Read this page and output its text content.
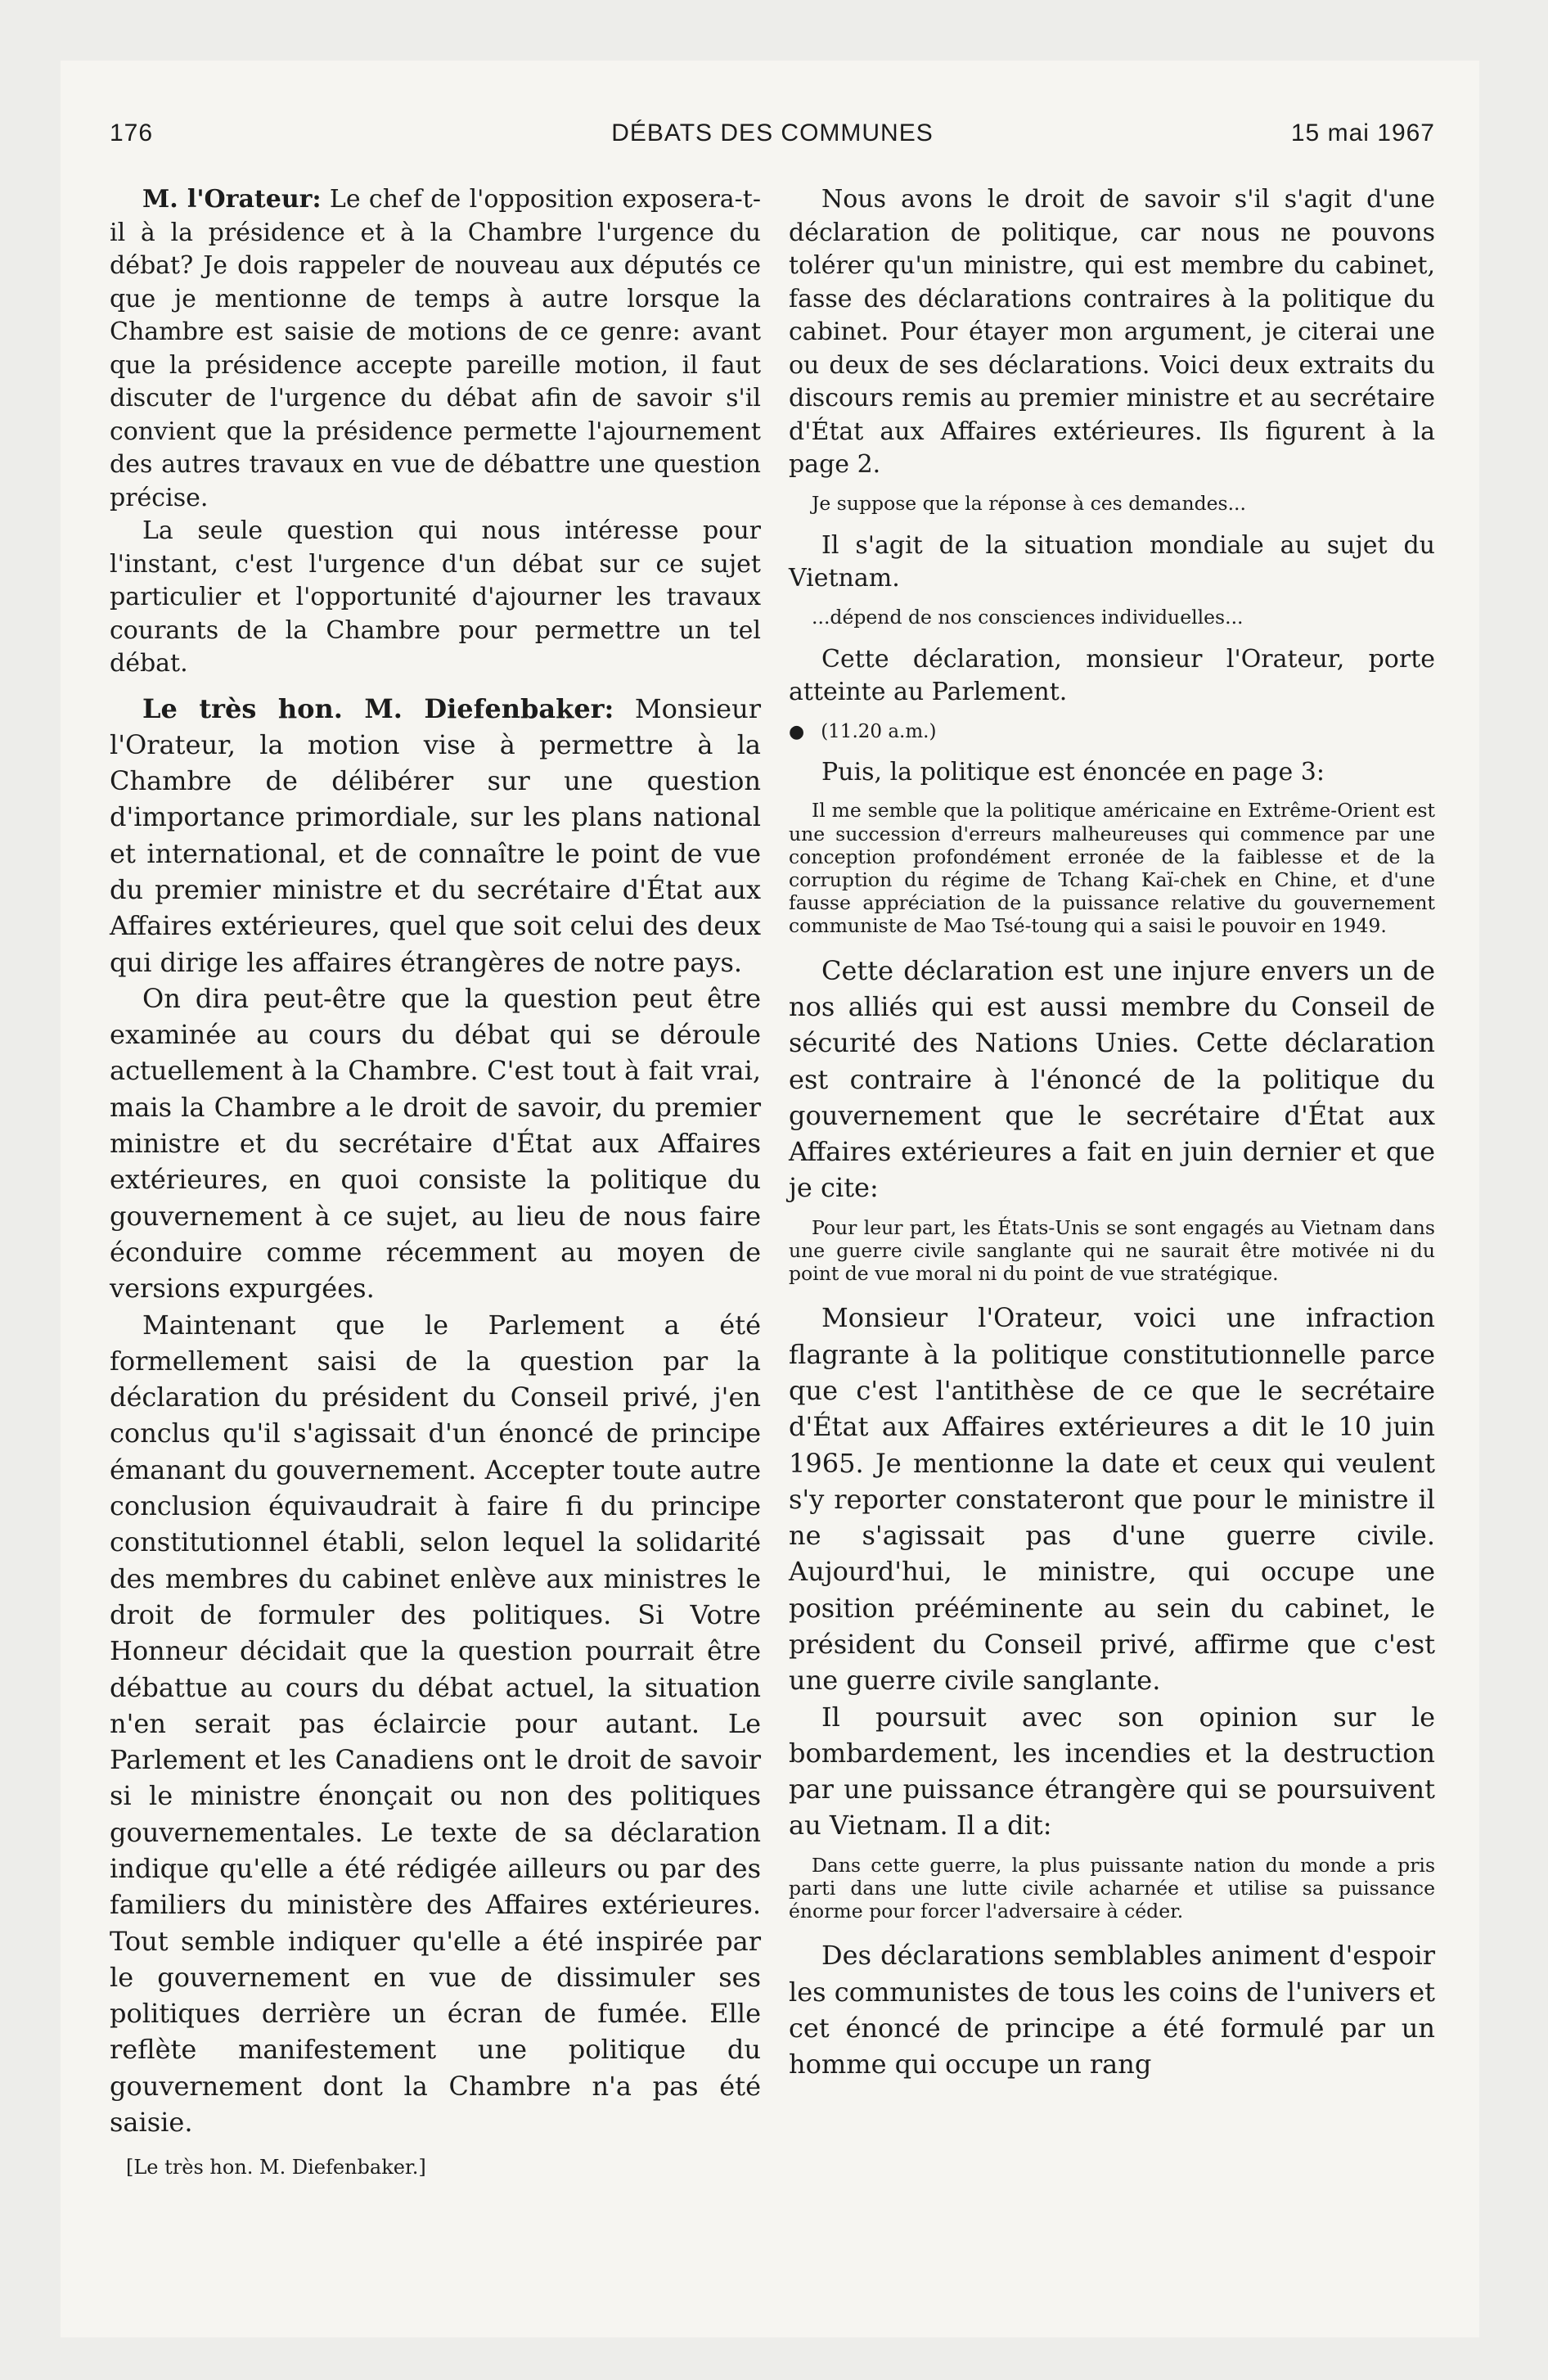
176	DÉBATS DES COMMUNES	15 mai 1967

M. l'Orateur: Le chef de l'opposition exposera-t-il à la présidence et à la Chambre l'urgence du débat? Je dois rappeler de nouveau aux députés ce que je mentionne de temps à autre lorsque la Chambre est saisie de motions de ce genre: avant que la présidence accepte pareille motion, il faut discuter de l'urgence du débat afin de savoir s'il convient que la présidence permette l'ajournement des autres travaux en vue de débattre une question précise.

La seule question qui nous intéresse pour l'instant, c'est l'urgence d'un débat sur ce sujet particulier et l'opportunité d'ajourner les travaux courants de la Chambre pour permettre un tel débat.

Le très hon. M. Diefenbaker: Monsieur l'Orateur, la motion vise à permettre à la Chambre de délibérer sur une question d'importance primordiale, sur les plans national et international, et de connaître le point de vue du premier ministre et du secrétaire d'État aux Affaires extérieures, quel que soit celui des deux qui dirige les affaires étrangères de notre pays.

On dira peut-être que la question peut être examinée au cours du débat qui se déroule actuellement à la Chambre. C'est tout à fait vrai, mais la Chambre a le droit de savoir, du premier ministre et du secrétaire d'État aux Affaires extérieures, en quoi consiste la politique du gouvernement à ce sujet, au lieu de nous faire éconduire comme récemment au moyen de versions expurgées.

Maintenant que le Parlement a été formellement saisi de la question par la déclaration du président du Conseil privé, j'en conclus qu'il s'agissait d'un énoncé de principe émanant du gouvernement. Accepter toute autre conclusion équivaudrait à faire fi du principe constitutionnel établi, selon lequel la solidarité des membres du cabinet enlève aux ministres le droit de formuler des politiques. Si Votre Honneur décidait que la question pourrait être débattue au cours du débat actuel, la situation n'en serait pas éclaircie pour autant. Le Parlement et les Canadiens ont le droit de savoir si le ministre énonçait ou non des politiques gouvernementales. Le texte de sa déclaration indique qu'elle a été rédigée ailleurs ou par des familiers du ministère des Affaires extérieures. Tout semble indiquer qu'elle a été inspirée par le gouvernement en vue de dissimuler ses politiques derrière un écran de fumée. Elle reflète manifestement une politique du gouvernement dont la Chambre n'a pas été saisie.

[Le très hon. M. Diefenbaker.]

Nous avons le droit de savoir s'il s'agit d'une déclaration de politique, car nous ne pouvons tolérer qu'un ministre, qui est membre du cabinet, fasse des déclarations contraires à la politique du cabinet. Pour étayer mon argument, je citerai une ou deux de ses déclarations. Voici deux extraits du discours remis au premier ministre et au secrétaire d'État aux Affaires extérieures. Ils figurent à la page 2.

Je suppose que la réponse à ces demandes...

Il s'agit de la situation mondiale au sujet du Vietnam.

...dépend de nos consciences individuelles...

Cette déclaration, monsieur l'Orateur, porte atteinte au Parlement.

● (11.20 a.m.)

Puis, la politique est énoncée en page 3:

Il me semble que la politique américaine en Extrême-Orient est une succession d'erreurs malheureuses qui commence par une conception profondément erronée de la faiblesse et de la corruption du régime de Tchang Kaï-chek en Chine, et d'une fausse appréciation de la puissance relative du gouvernement communiste de Mao Tsé-toung qui a saisi le pouvoir en 1949.

Cette déclaration est une injure envers un de nos alliés qui est aussi membre du Conseil de sécurité des Nations Unies. Cette déclaration est contraire à l'énoncé de la politique du gouvernement que le secrétaire d'État aux Affaires extérieures a fait en juin dernier et que je cite:

Pour leur part, les États-Unis se sont engagés au Vietnam dans une guerre civile sanglante qui ne saurait être motivée ni du point de vue moral ni du point de vue stratégique.

Monsieur l'Orateur, voici une infraction flagrante à la politique constitutionnelle parce que c'est l'antithèse de ce que le secrétaire d'État aux Affaires extérieures a dit le 10 juin 1965. Je mentionne la date et ceux qui veulent s'y reporter constateront que pour le ministre il ne s'agissait pas d'une guerre civile. Aujourd'hui, le ministre, qui occupe une position prééminente au sein du cabinet, le président du Conseil privé, affirme que c'est une guerre civile sanglante.

Il poursuit avec son opinion sur le bombardement, les incendies et la destruction par une puissance étrangère qui se poursuivent au Vietnam. Il a dit:

Dans cette guerre, la plus puissante nation du monde a pris parti dans une lutte civile acharnée et utilise sa puissance énorme pour forcer l'adversaire à céder.

Des déclarations semblables animent d'espoir les communistes de tous les coins de l'univers et cet énoncé de principe a été formulé par un homme qui occupe un rang
